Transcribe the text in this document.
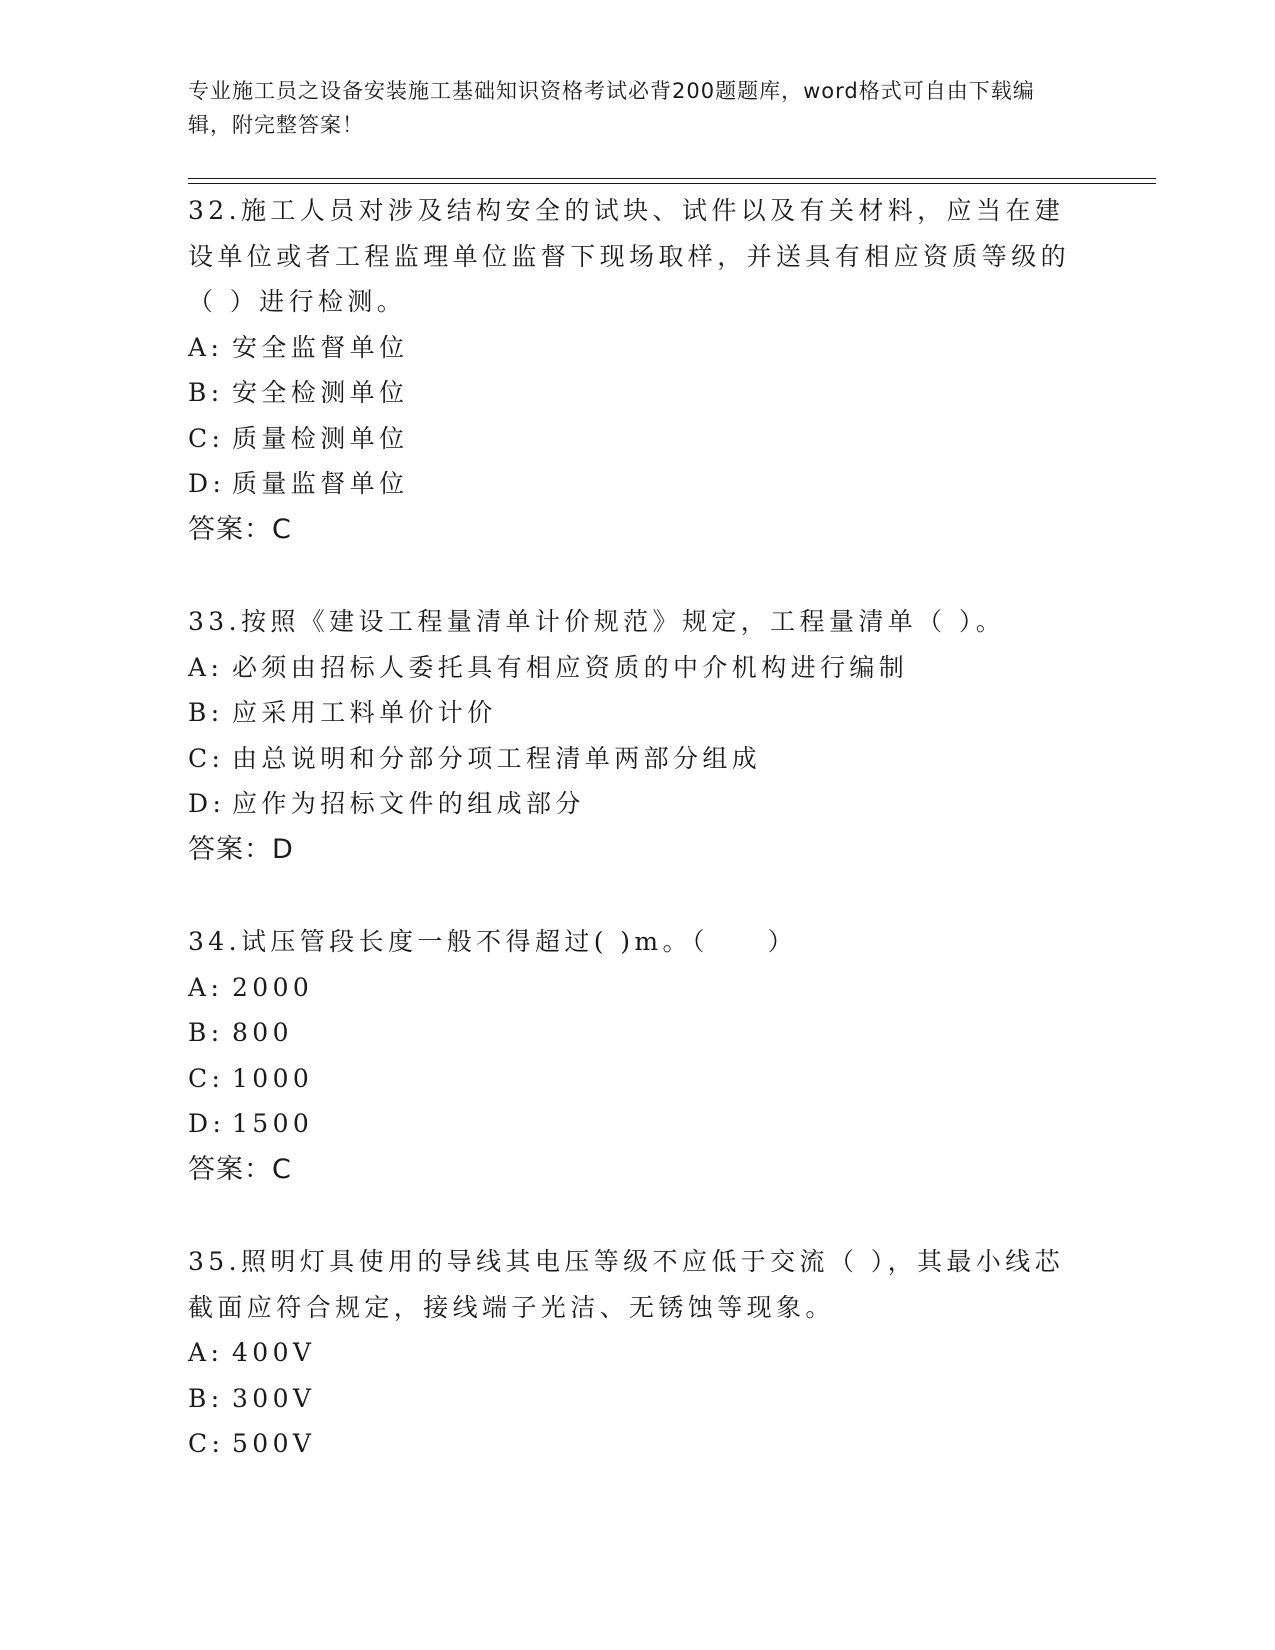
专业施工员之设备安装施工基础知识资格考试必背200题题库，word格式可自由下载编辑，附完整答案！
32.施工人员对涉及结构安全的试块、试件以及有关材料，应当在建设单位或者工程监理单位监督下现场取样，并送具有相应资质等级的（ ）进行检测。
A: 安全监督单位
B: 安全检测单位
C: 质量检测单位
D: 质量监督单位
答案： C
33.按照《建设工程量清单计价规范》规定，工程量清单（ ）。
A: 必须由招标人委托具有相应资质的中介机构进行编制
B: 应采用工料单价计价
C: 由总说明和分部分项工程清单两部分组成
D: 应作为招标文件的组成部分
答案： D
34.试压管段长度一般不得超过( )m。（　　）
A: 2000
B: 800
C: 1000
D: 1500
答案： C
35.照明灯具使用的导线其电压等级不应低于交流（ ），其最小线芯截面应符合规定，接线端子光洁、无锈蚀等现象。
A: 400V
B: 300V
C: 500V
